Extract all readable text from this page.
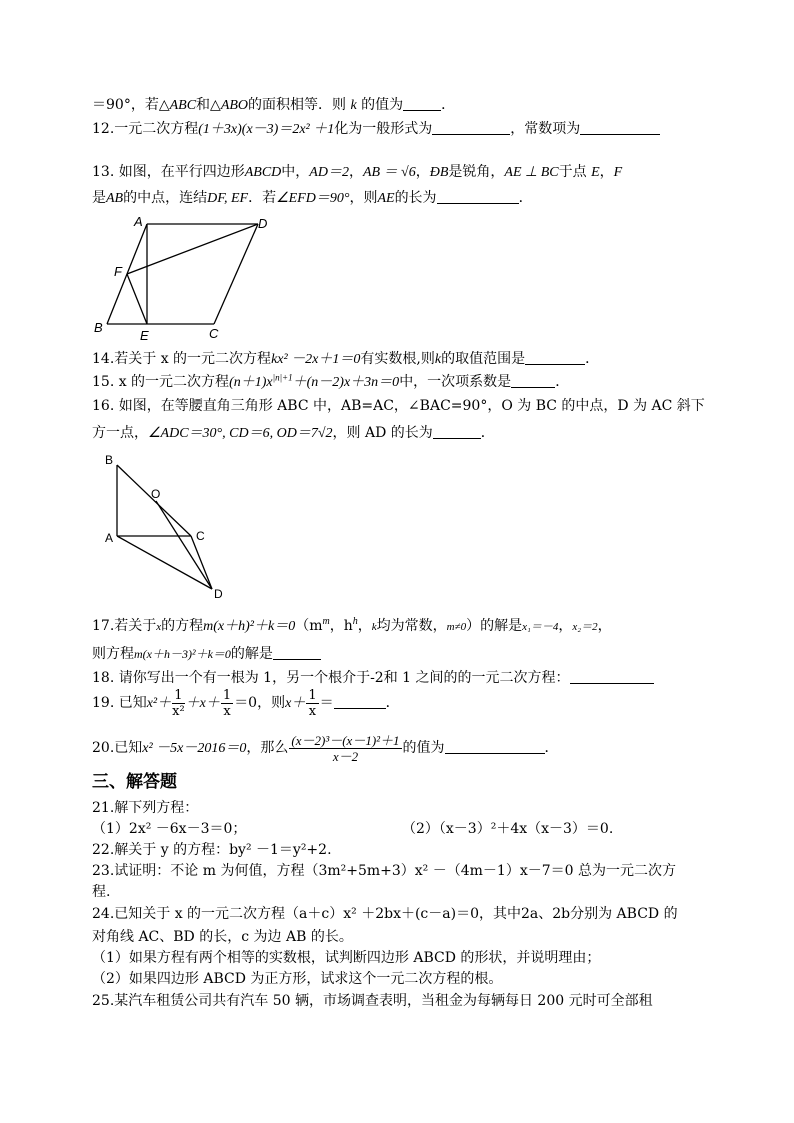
＝90°，若△ABC和△ABO的面积相等．则 k 的值为	．
12.一元二次方程(1＋3x)(x－3)＝2x² ＋1化为一般形式为	，常数项为
13. 如图，在平行四边形ABCD中，AD＝2，AB ＝ √6，ÐB是锐角，AE ⊥ BC于点 E，F
是AB的中点，连结DF, EF．若∠EFD＝90°，则AE的长为	．
A	D
F
B
E	C
14.若关于 x 的一元二次方程kx² －2x＋1＝0有实数根,则k的取值范围是	．
15. x 的一元二次方程$(n+1)x^{|n|+1}+(n-2)x+3n=0$中，一次项系数是	．
16. 如图，在等腰直角三角形 ABC 中，AB=AC，∠BAC=90°，O 为 BC 的中点，D 为 AC 斜下
方一点，∠ADC＝30°, CD＝6, OD＝7√2，则 AD 的长为	．
B
O
A	C
D
17.若关于x的方程$m(x+h)^2+k=0(m^m$，$h^h$，k均为常数，m≠0）的解是x₁＝－4，x₂＝2，
则方程m(x＋h－3)²＋k＝0的解是
18. 请你写出一个有一根为 1，另一个根介于-2和 1 之间的的一元二次方程：
19. 已知$x^2+ \frac{1}{\text{x²}} +x+ \frac{1}{x} =0$，则$x+ \frac{1}{x}$ ＝	．
20.已知x² －5x－2016＝0，那么 $\frac{\text{(x－2)³－(x－1)²＋1}}{x-2}$ 的值为	．
三、解答题
21.解下列方程：
（1）2x² －6x－3＝0；	（2）（x－3）²＋4x（x－3）＝0.
22.解关于 y 的方程：by² －1＝y²+2.
23.试证明：不论 m 为何值，方程（3m²+5m+3）x² －（4m－1）x－7＝0 总为一元二次方
程.
24.已知关于 x 的一元二次方程（a＋c）x² ＋2bx＋(c－a)＝0，其中2a、2b分别为 ABCD 的
对角线 AC、BD 的长，c 为边 AB 的长。
（1）如果方程有两个相等的实数根，试判断四边形 ABCD 的形状，并说明理由；
（2）如果四边形 ABCD 为正方形，试求这个一元二次方程的根。
25.某汽车租赁公司共有汽车 50 辆，市场调查表明，当租金为每辆每日 200 元时可全部租
